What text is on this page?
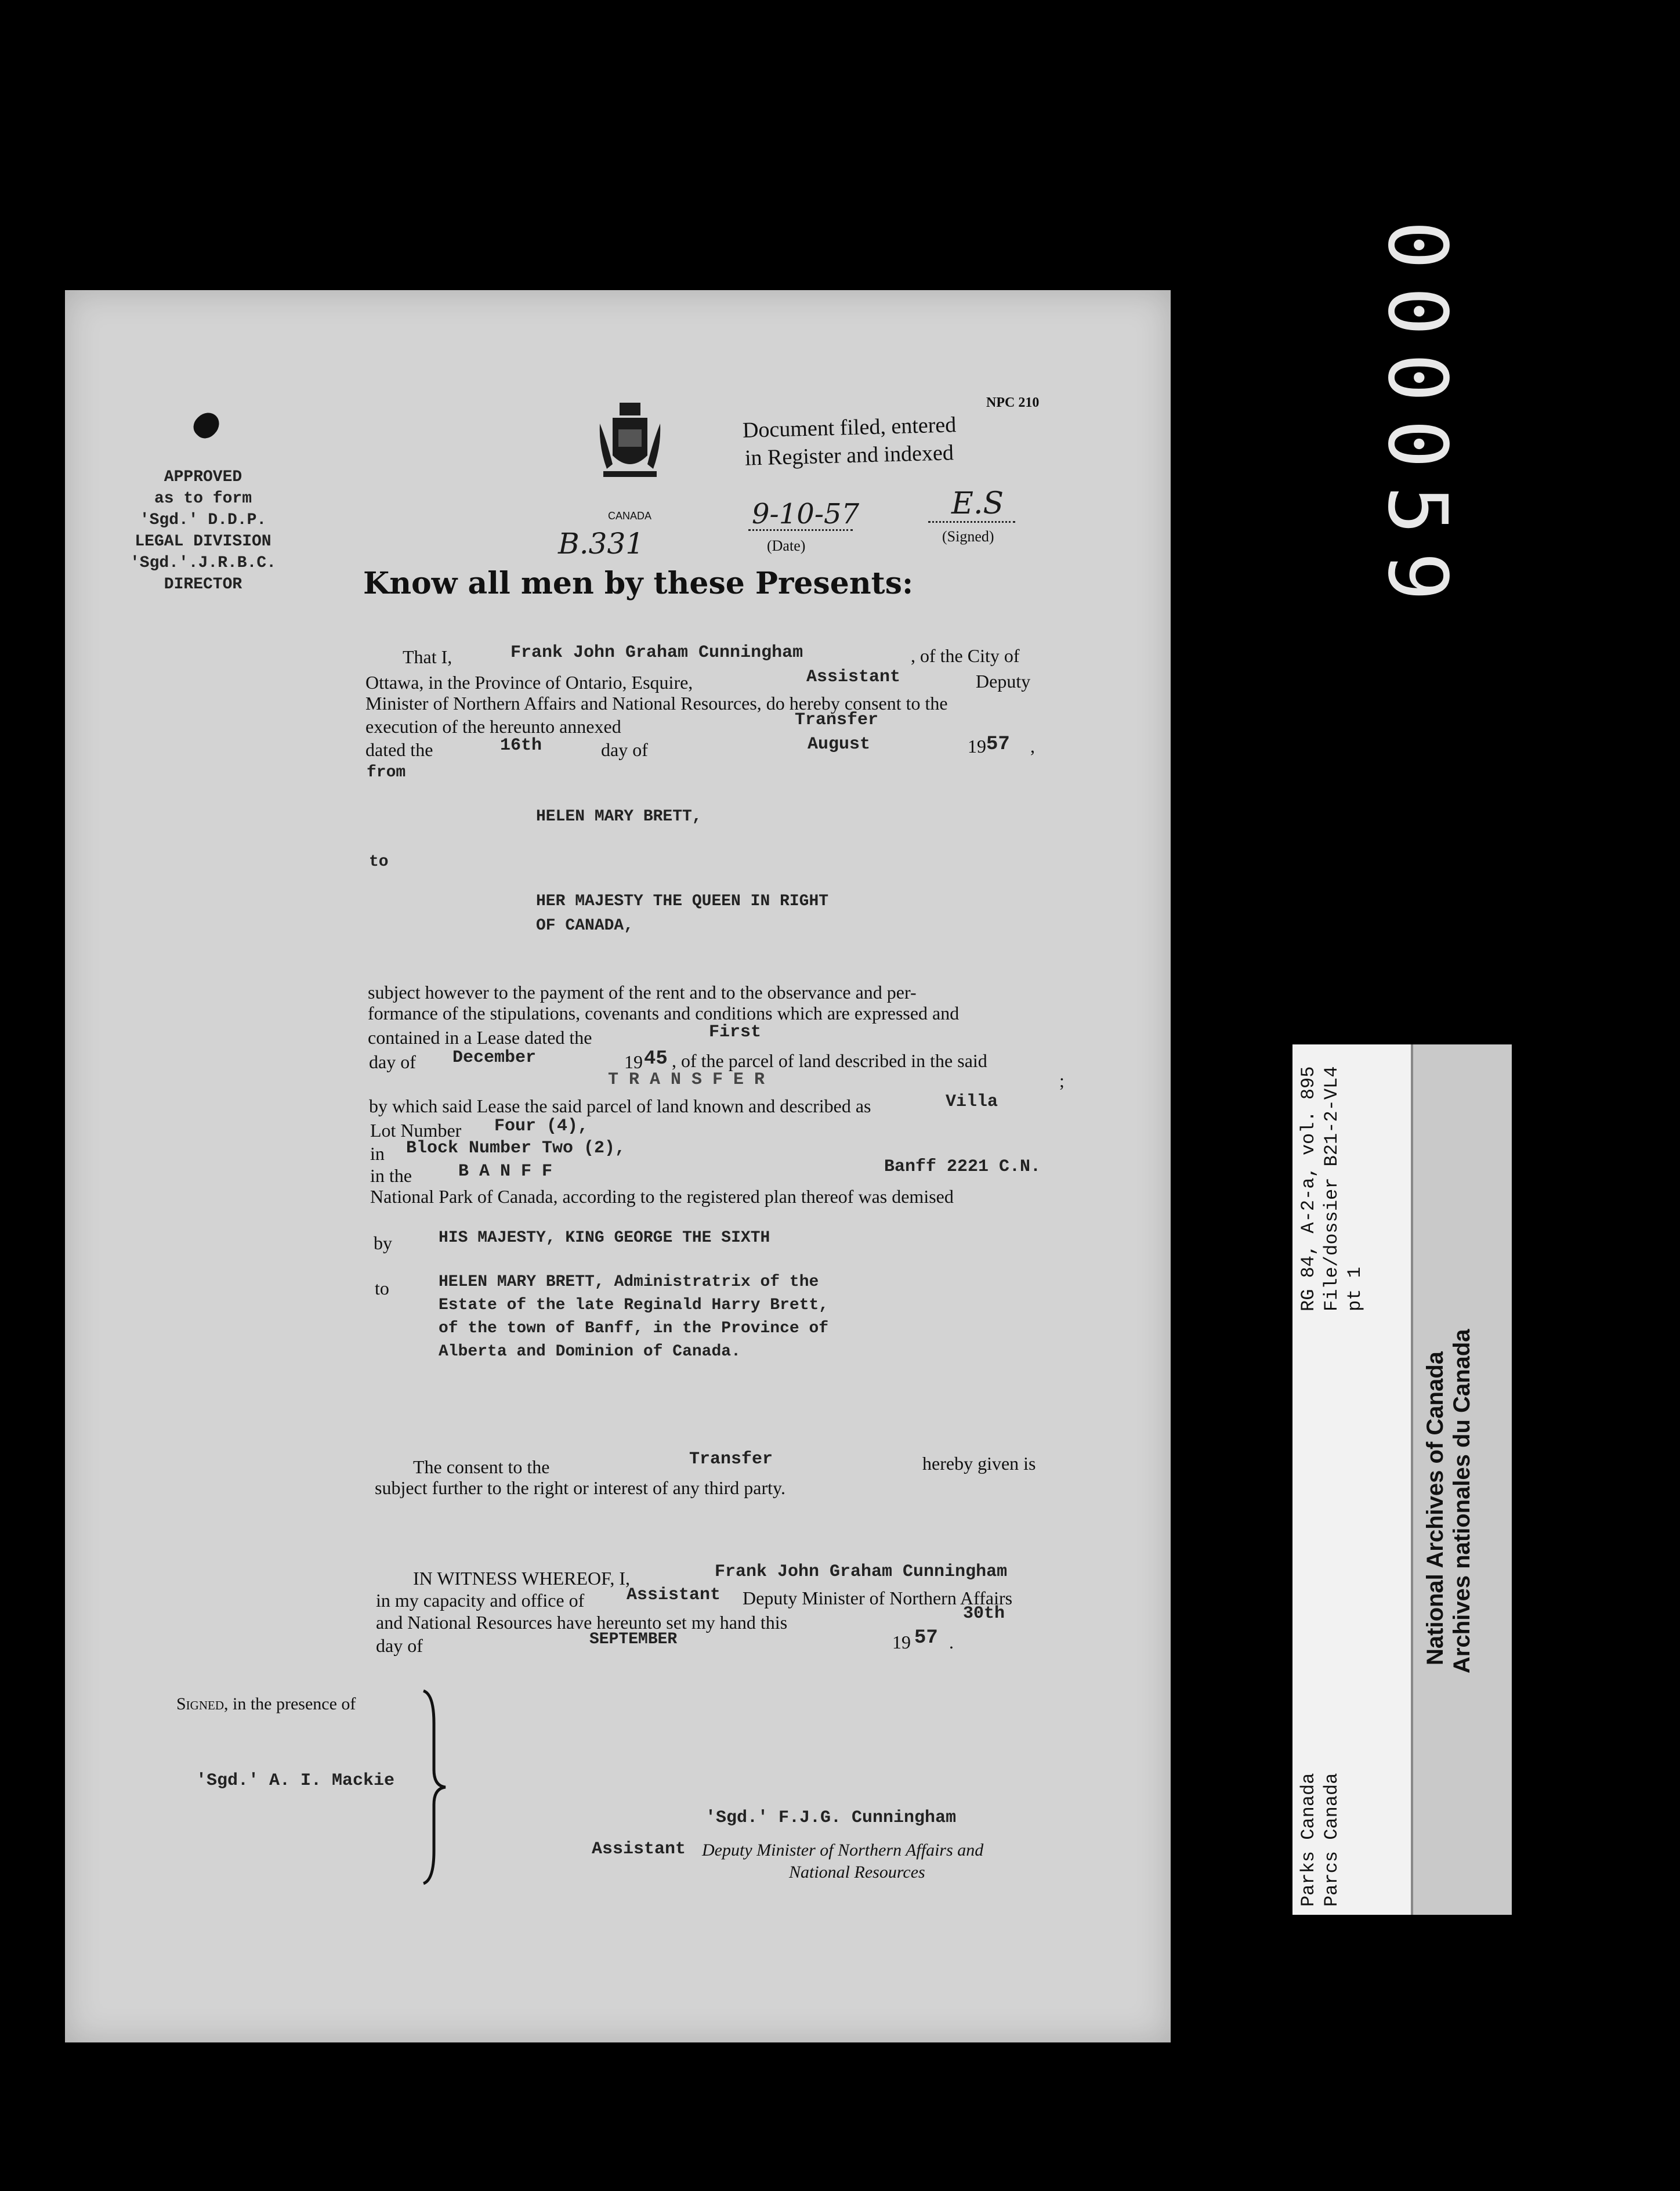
APPROVED
as to form
'Sgd.' D.D.P.
LEGAL DIVISION
'Sgd.'.J.R.B.C.
DIRECTOR
CANADA
NPC 210
Document filed, entered
in Register and indexed
9-10-57
(Date)
E.S
(Signed)
B.331
Know all men by these Presents:
That I,	Frank John Graham Cunningham	, of the City of
Ottawa, in the Province of Ontario, Esquire,	Assistant	Deputy
Minister of Northern Affairs and National Resources, do hereby consent to the
execution of the hereunto annexed	Transfer
dated the	16th	day of	August	19 57 ,
from
HELEN MARY BRETT,
to
HER MAJESTY THE QUEEN IN RIGHT
OF CANADA,
subject however to the payment of the rent and to the observance and per-
formance of the stipulations, covenants and conditions which are expressed and
contained in a Lease dated the	First
day of December	19 45 , of the parcel of land described in the said
T R A N S F E R	;
by which said Lease the said parcel of land known and described as	Villa
Lot Number Four (4),
in Block Number Two (2),
in the	B A N F F	Banff 2221 C.N.
National Park of Canada, according to the registered plan thereof was demised
by	HIS MAJESTY, KING GEORGE THE SIXTH
to	HELEN MARY BRETT, Administratrix of the
Estate of the late Reginald Harry Brett,
of the town of Banff, in the Province of
Alberta and Dominion of Canada.
The consent to the	Transfer	hereby given is
subject further to the right or interest of any third party.
IN WITNESS WHEREOF, I,	Frank John Graham Cunningham
in my capacity and office of Assistant Deputy Minister of Northern Affairs
and National Resources have hereunto set my hand this	30th
day of	SEPTEMBER	19 57 .
Signed, in the presence of
'Sgd.' A. I. Mackie
'Sgd.' F.J.G. Cunningham
Assistant Deputy Minister of Northern Affairs and
National Resources
000059
RG 84, A-2-a, vol. 895 File/dossier B21-2-VL4 pt 1
Parks Canada Parcs Canada
National Archives of Canada Archives nationales du Canada
